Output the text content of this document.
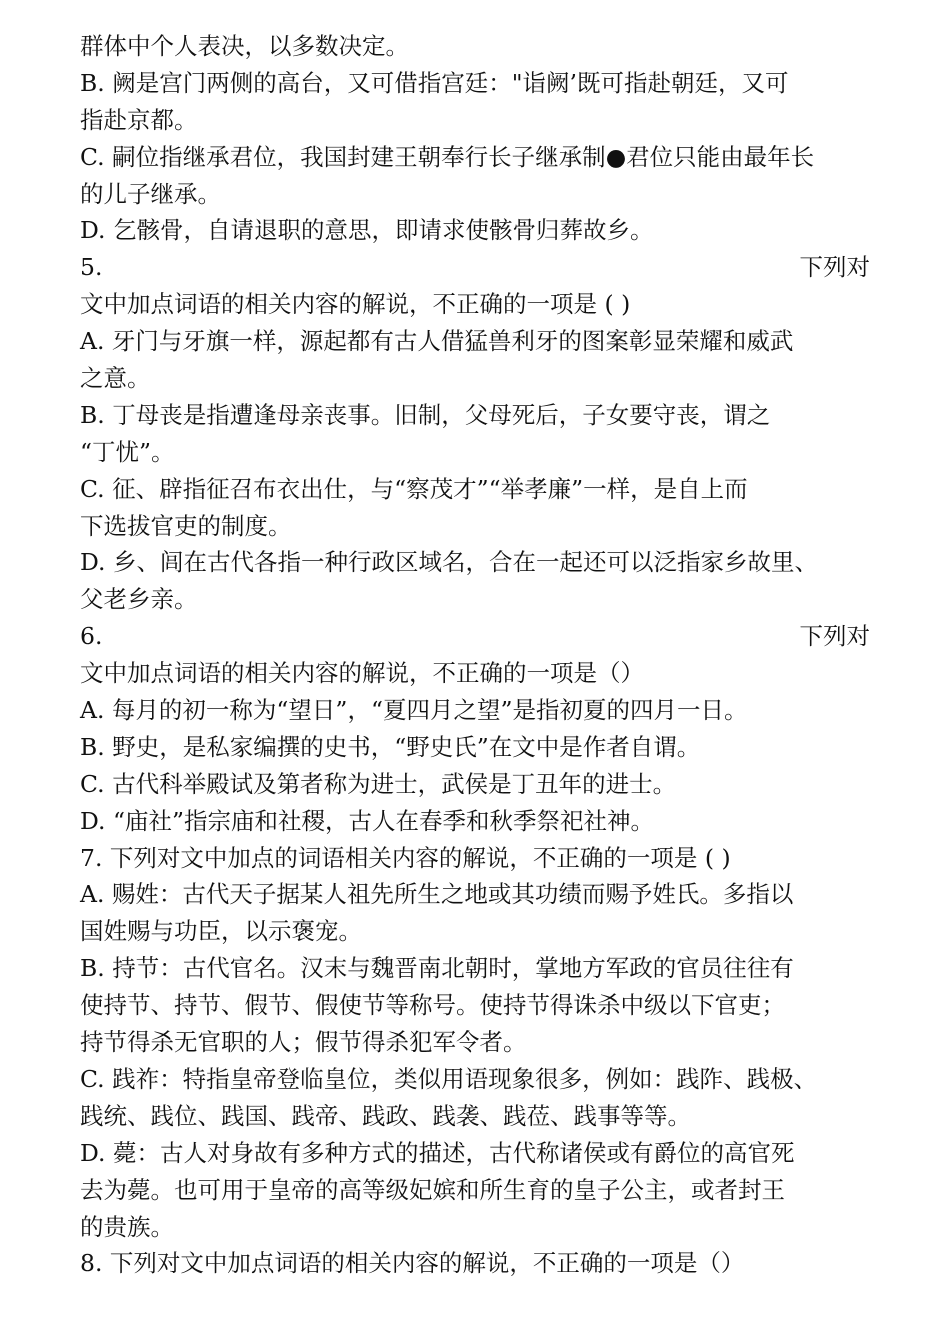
群体中个人表决，以多数决定。
B. 阙是宫门两侧的高台，又可借指宫廷："诣阙’既可指赴朝廷，又可
指赴京都。
C. 嗣位指继承君位，我国封建王朝奉行长子继承制●君位只能由最年长
的儿子继承。
D. 乞骸骨，自请退职的意思，即请求使骸骨归葬故乡。
5.	下列对
文中加点词语的相关内容的解说，不正确的一项是 ( )
A. 牙门与牙旗一样，源起都有古人借猛兽利牙的图案彰显荣耀和威武
之意。
B. 丁母丧是指遭逢母亲丧事。旧制，父母死后，子女要守丧，谓之
“丁忧”。
C. 征、辟指征召布衣出仕，与“察茂才”“举孝廉”一样，是自上而
下选拔官吏的制度。
D. 乡、闾在古代各指一种行政区域名，合在一起还可以泛指家乡故里、
父老乡亲。
6.	下列对
文中加点词语的相关内容的解说，不正确的一项是（）
A. 每月的初一称为“望日”，“夏四月之望”是指初夏的四月一日。
B. 野史，是私家编撰的史书，“野史氏”在文中是作者自谓。
C. 古代科举殿试及第者称为进士，武侯是丁丑年的进士。
D. “庙社”指宗庙和社稷，古人在春季和秋季祭祀社神。
7. 下列对文中加点的词语相关内容的解说，不正确的一项是 ( )
A. 赐姓：古代天子据某人祖先所生之地或其功绩而赐予姓氏。多指以
国姓赐与功臣，以示褒宠。
B. 持节：古代官名。汉末与魏晋南北朝时，掌地方军政的官员往往有
使持节、持节、假节、假使节等称号。使持节得诛杀中级以下官吏；
持节得杀无官职的人；假节得杀犯军令者。
C. 践祚：特指皇帝登临皇位，类似用语现象很多，例如：践阼、践极、
践统、践位、践国、践帝、践政、践袭、践莅、践事等等。
D. 薨：古人对身故有多种方式的描述，古代称诸侯或有爵位的高官死
去为薨。也可用于皇帝的高等级妃嫔和所生育的皇子公主，或者封王
的贵族。
8. 下列对文中加点词语的相关内容的解说，不正确的一项是（）
